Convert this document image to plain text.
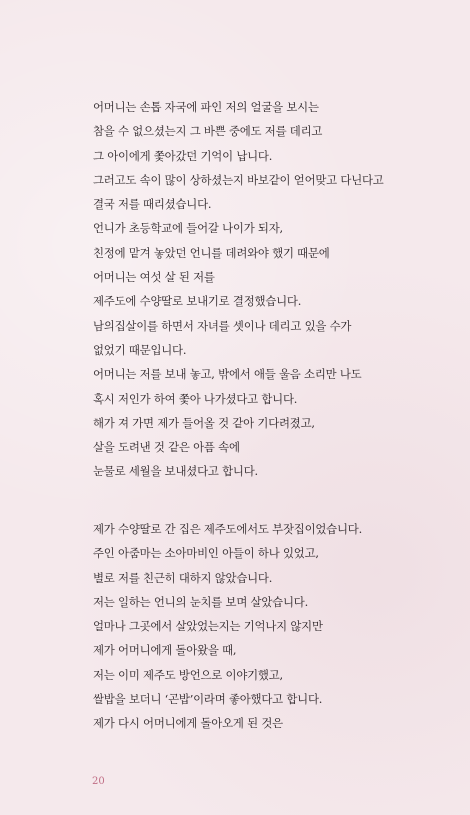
어머니는 손톱 자국에 파인 저의 얼굴을 보시는
참을 수 없으셨는지 그 바쁜 중에도 저를 데리고
그 아이에게 쫓아갔던 기억이 납니다.
그러고도 속이 많이 상하셨는지 바보같이 얻어맞고 다닌다고
결국 저를 때리셨습니다.
언니가 초등학교에 들어갈 나이가 되자,
친정에 맡겨 놓았던 언니를 데려와야 했기 때문에
어머니는 여섯 살 된 저를
제주도에 수양딸로 보내기로 결정했습니다.
남의집살이를 하면서 자녀를 셋이나 데리고 있을 수가
없었기 때문입니다.
어머니는 저를 보내 놓고, 밖에서 애들 울음 소리만 나도
혹시 저인가 하여 쫓아 나가셨다고 합니다.
해가 져 가면 제가 들어올 것 같아 기다려졌고,
살을 도려낸 것 같은 아픔 속에
눈물로 세월을 보내셨다고 합니다.
제가 수양딸로 간 집은 제주도에서도 부잣집이었습니다.
주인 아줌마는 소아마비인 아들이 하나 있었고,
별로 저를 친근히 대하지 않았습니다.
저는 일하는 언니의 눈치를 보며 살았습니다.
얼마나 그곳에서 살았었는지는 기억나지 않지만
제가 어머니에게 돌아왔을 때,
저는 이미 제주도 방언으로 이야기했고,
쌀밥을 보더니 ‘곤밥’이라며 좋아했다고 합니다.
제가 다시 어머니에게 돌아오게 된 것은
20
